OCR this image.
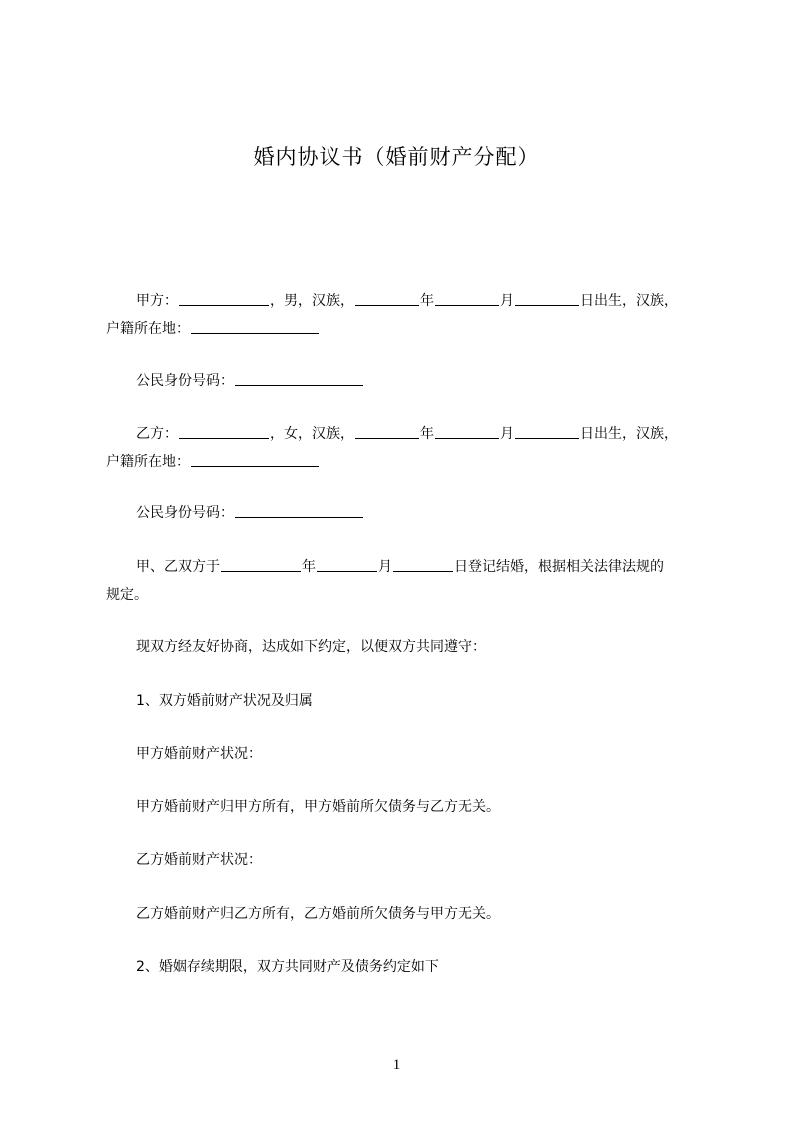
婚内协议书（婚前财产分配）
甲方：	，男，汉族，	年	月	日出生，汉族，
户籍所在地：
公民身份号码：
乙方：	，女，汉族，	年	月	日出生，汉族，
户籍所在地：
公民身份号码：
甲、乙双方于	年	月	日登记结婚，根据相关法律法规的
规定。
现双方经友好协商，达成如下约定，以便双方共同遵守：
1、双方婚前财产状况及归属
甲方婚前财产状况：
甲方婚前财产归甲方所有，甲方婚前所欠债务与乙方无关。
乙方婚前财产状况：
乙方婚前财产归乙方所有，乙方婚前所欠债务与甲方无关。
2、婚姻存续期限，双方共同财产及债务约定如下
1
